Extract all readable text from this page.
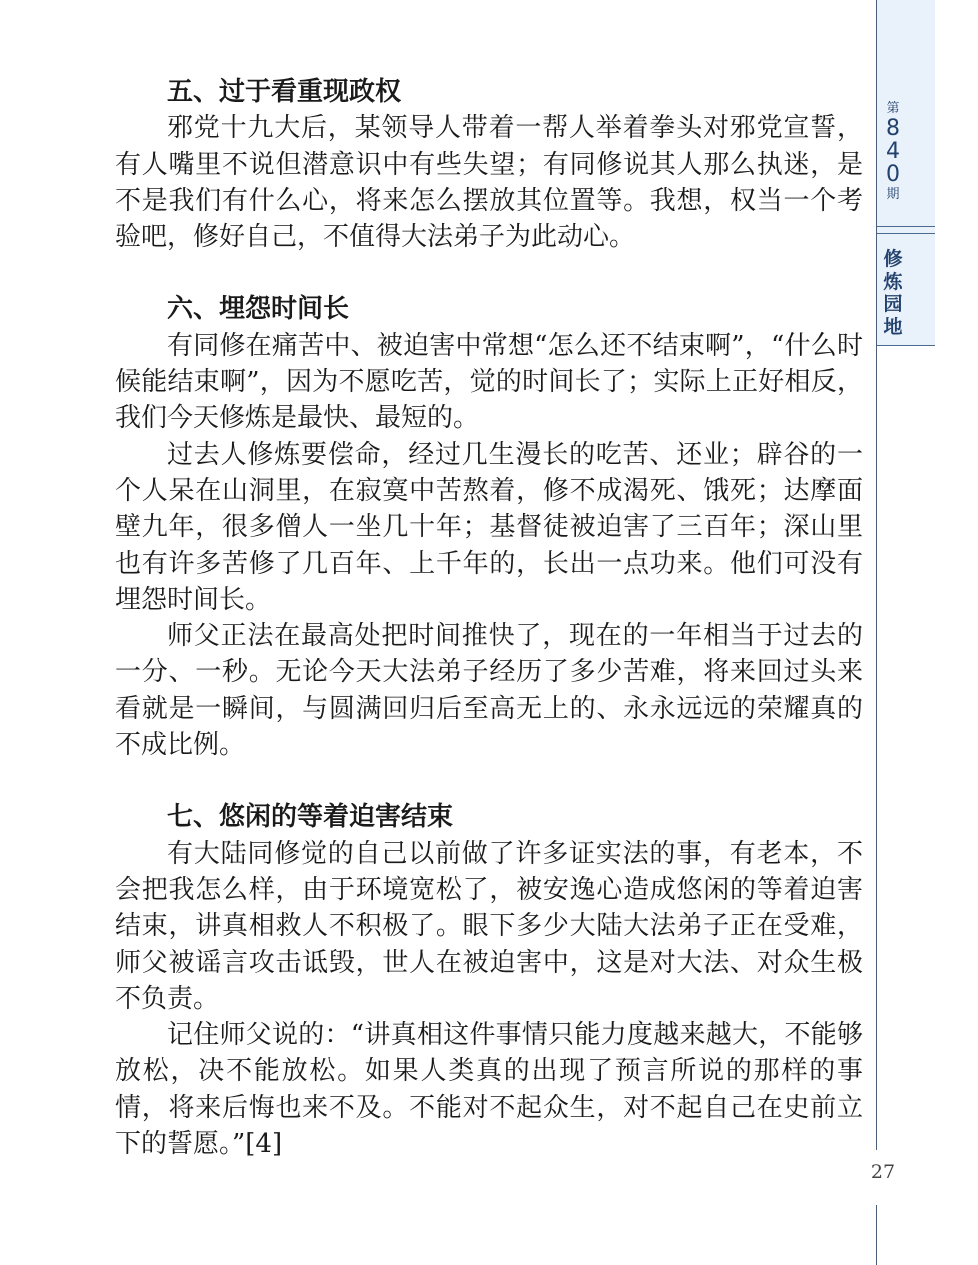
五、过于看重现政权

邪党十九大后，某领导人带着一帮人举着拳头对邪党宣誓，有人嘴里不说但潜意识中有些失望；有同修说其人那么执迷，是不是我们有什么心，将来怎么摆放其位置等。我想，权当一个考验吧，修好自己，不值得大法弟子为此动心。

六、埋怨时间长

有同修在痛苦中、被迫害中常想“怎么还不结束啊”，“什么时候能结束啊”，因为不愿吃苦，觉的时间长了；实际上正好相反，我们今天修炼是最快、最短的。

过去人修炼要偿命，经过几生漫长的吃苦、还业；辟谷的一个人呆在山洞里，在寂寞中苦熬着，修不成渴死、饿死；达摩面壁九年，很多僧人一坐几十年；基督徒被迫害了三百年；深山里也有许多苦修了几百年、上千年的，长出一点功来。他们可没有埋怨时间长。

师父正法在最高处把时间推快了，现在的一年相当于过去的一分、一秒。无论今天大法弟子经历了多少苦难，将来回过头来看就是一瞬间，与圆满回归后至高无上的、永永远远的荣耀真的不成比例。

七、悠闲的等着迫害结束

有大陆同修觉的自己以前做了许多证实法的事，有老本，不会把我怎么样，由于环境宽松了，被安逸心造成悠闲的等着迫害结束，讲真相救人不积极了。眼下多少大陆大法弟子正在受难，师父被谣言攻击诋毁，世人在被迫害中，这是对大法、对众生极不负责。

记住师父说的：“讲真相这件事情只能力度越来越大，不能够放松，决不能放松。如果人类真的出现了预言所说的那样的事情，将来后悔也来不及。不能对不起众生，对不起自己在史前立下的誓愿。”[4]

第
8
4
0
期
修
炼
园
地
27
